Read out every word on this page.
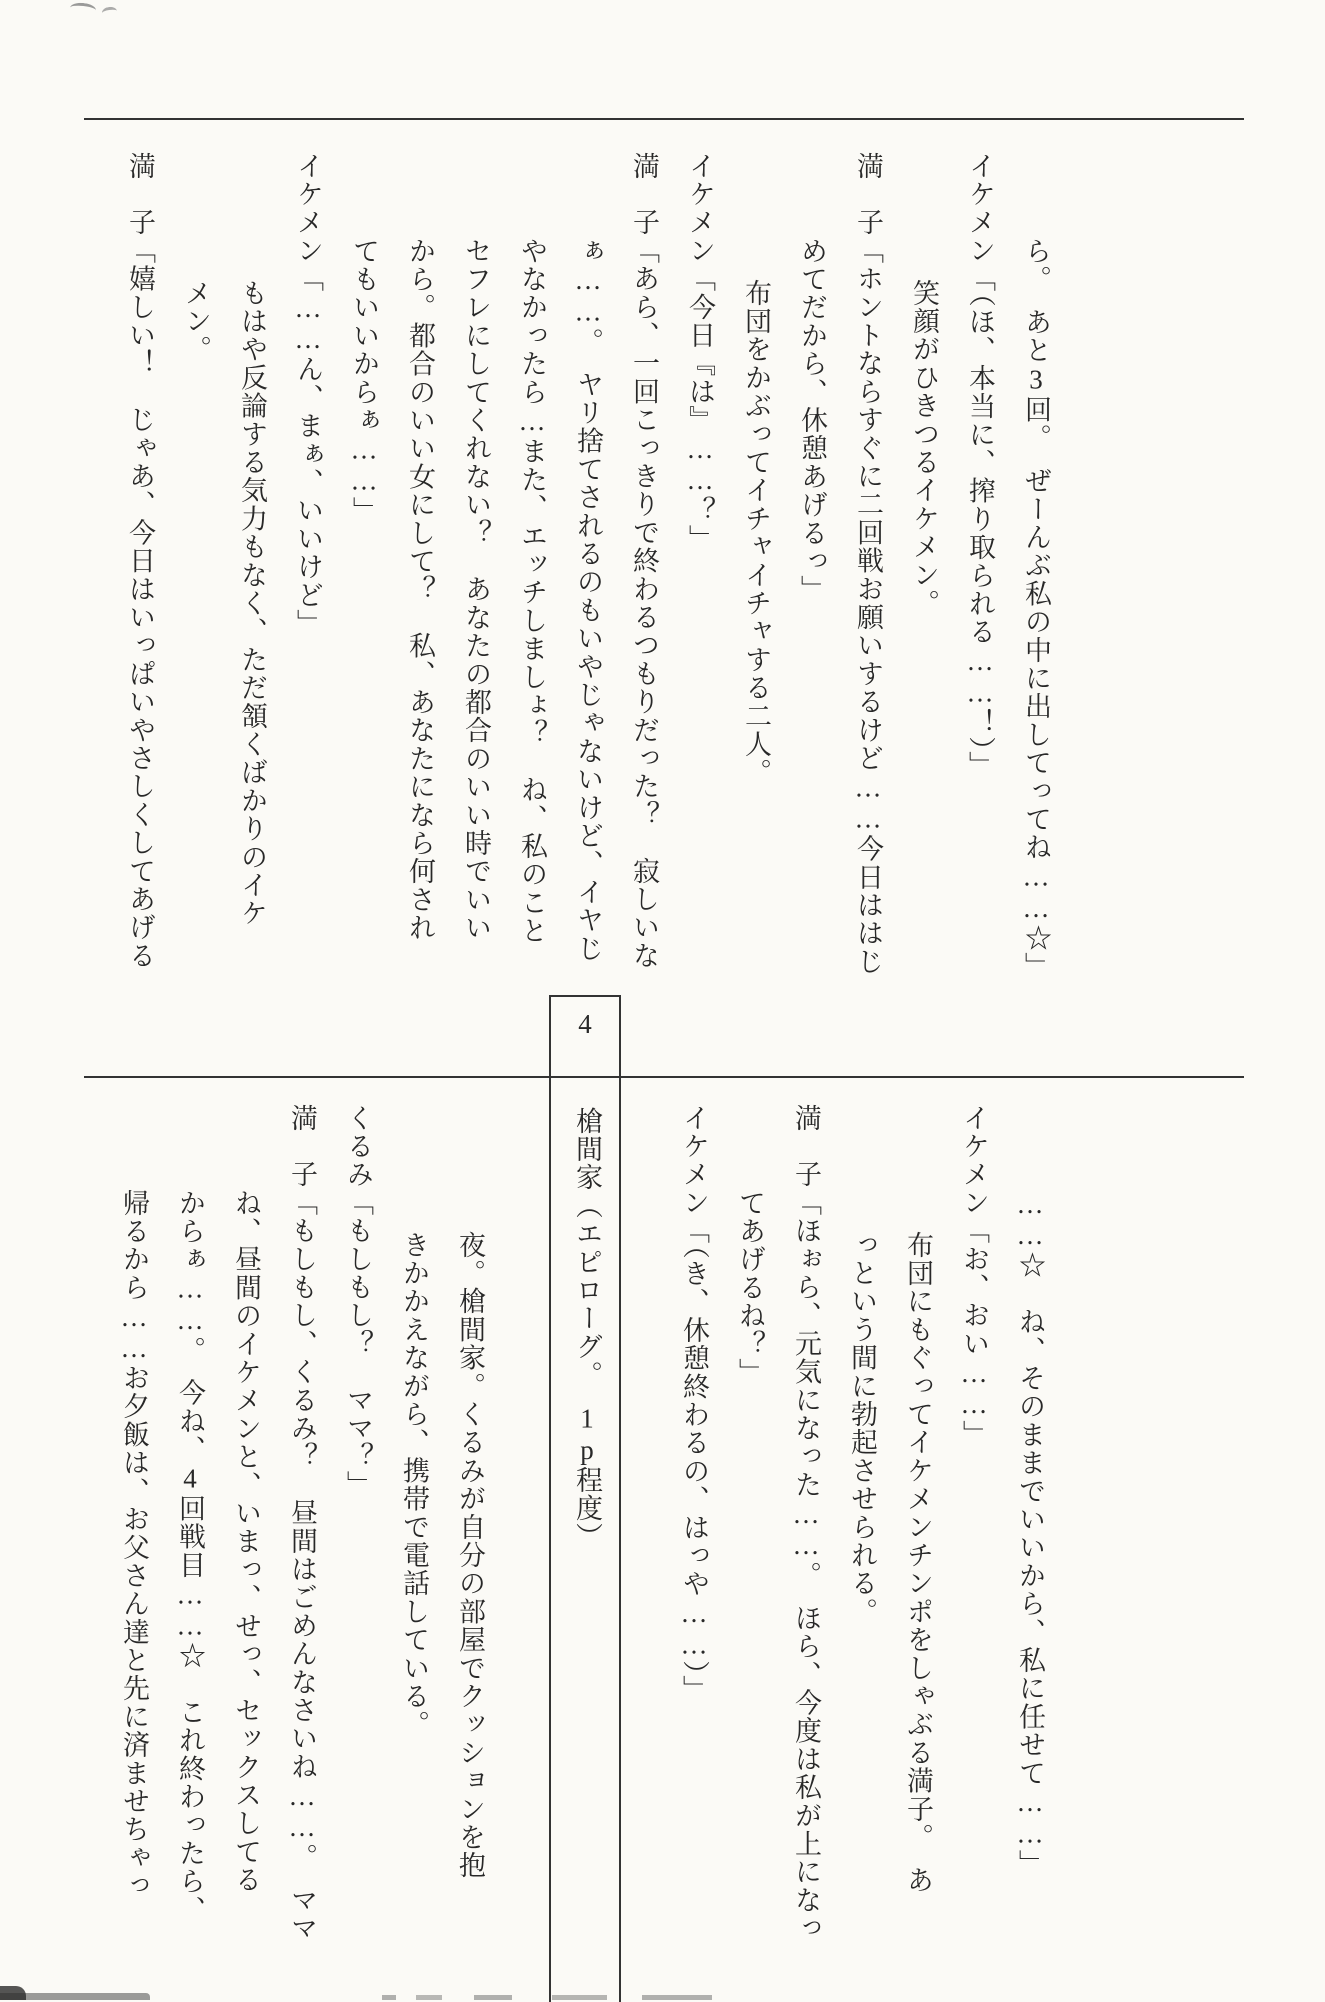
ら。　あと3回。　ぜーんぶ私の中に出してってね……☆」
イケメン「（ほ、本当に、搾り取られる……！）」
笑顔がひきつるイケメン。
満　子「ホントならすぐに二回戦お願いするけど……今日ははじ
めてだから、休憩あげるっ」
布団をかぶってイチャイチャする二人。
イケメン「今日『は』……？」
満　子「あら、一回こっきりで終わるつもりだった？　寂しいな
ぁ……。　ヤリ捨てされるのもいやじゃないけど、イヤじ
やなかったら…また、エッチしましょ？　ね、私のこと
セフレにしてくれない？　あなたの都合のいい時でいい
から。都合のいい女にして？　私、あなたになら何され
てもいいからぁ……」
イケメン「……ん、まぁ、いいけど」
もはや反論する気力もなく、ただ頷くばかりのイケ
メン。
満　子「嬉しい！　じゃあ、今日はいっぱいやさしくしてあげる
4
槍間家（エピローグ。　1p程度）	……☆　ね、そのままでいいから、私に任せて……」
イケメン「お、おい……」
布団にもぐってイケメンチンポをしゃぶる満子。　あ
っという間に勃起させられる。
満　子「ほぉら、元気になった……。　ほら、今度は私が上になっ
てあげるね？」
イケメン「（き、休憩終わるの、はっや……）」
夜。槍間家。くるみが自分の部屋でクッションを抱
きかかえながら、携帯で電話している。
くるみ「もしもし？　ママ？」
満　子「もしもし、くるみ？　昼間はごめんなさいね……。　ママ
ね、昼間のイケメンと、いまっ、せっ、セックスしてる
からぁ……。　今ね、4回戦目……☆　これ終わったら、
帰るから……お夕飯は、お父さん達と先に済ませちゃっ
